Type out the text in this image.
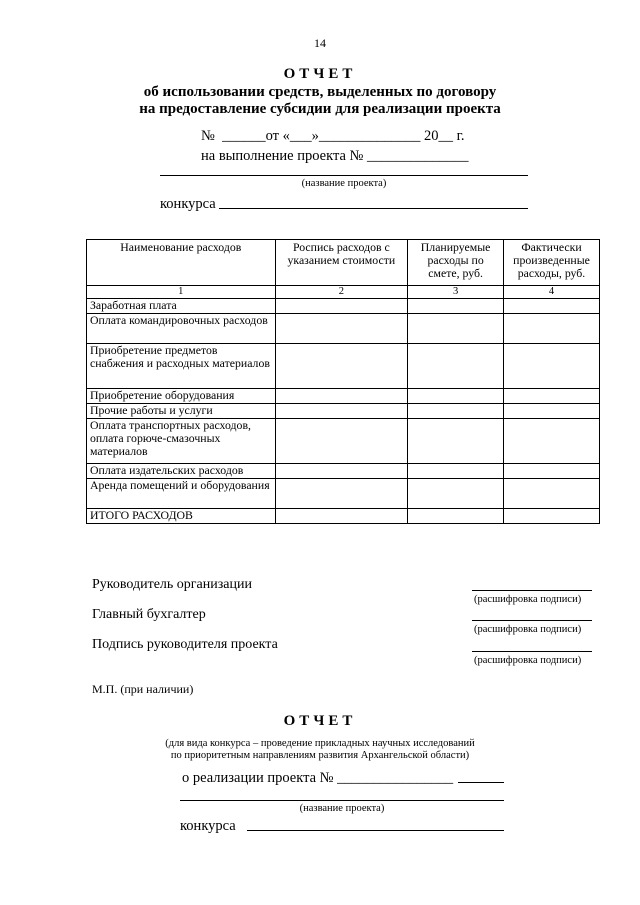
14
ОТЧЕТ
об использовании средств, выделенных по договору
на предоставление субсидии для реализации проекта
№  ______от «___»______________ 20__ г.
на выполнение проекта № ______________
(название проекта)
конкурса
Наименование расходов	Роспись расходов с указанием стоимости	Планируемые расходы по смете, руб.	Фактически произведенные расходы, руб.
1	2	3	4
Заработная плата			
Оплата командировочных расходов			
Приобретение предметов снабжения и расходных материалов			
Приобретение оборудования			
Прочие работы и услуги			
Оплата транспортных расходов, оплата горюче-смазочных материалов			
Оплата издательских расходов			
Аренда помещений и оборудования			
ИТОГО РАСХОДОВ			
Руководитель организации
(расшифровка подписи)
Главный бухгалтер
(расшифровка подписи)
Подпись руководителя проекта
(расшифровка подписи)
М.П. (при наличии)
ОТЧЕТ
(для вида конкурса – проведение прикладных научных исследований
по приоритетным направлениям развития Архангельской области)
о реализации проекта № ________________
(название проекта)
конкурса
